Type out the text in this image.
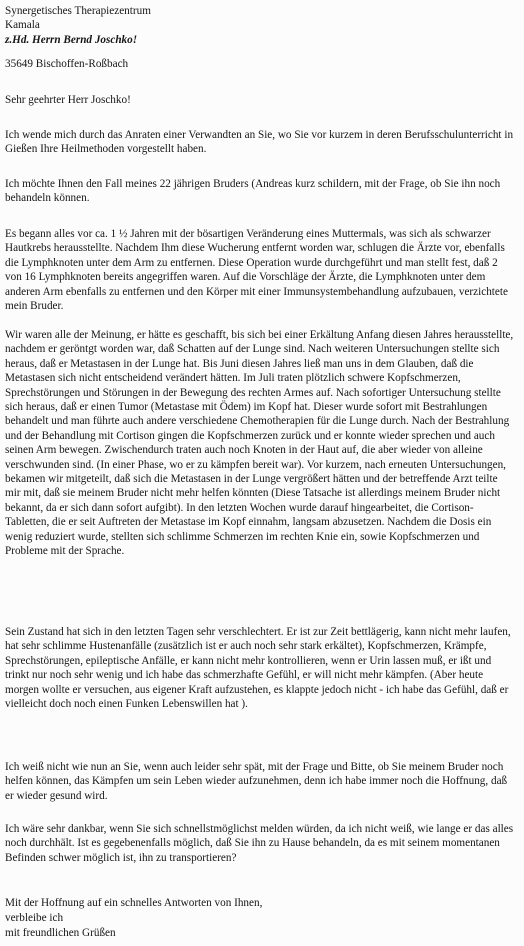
Synergetisches Therapiezentrum
Kamala
z.Hd. Herrn Bernd Joschko!
35649 Bischoffen-Roßbach
Sehr geehrter Herr Joschko!

Ich wende mich durch das Anraten einer Verwandten an Sie, wo Sie vor kurzem in deren Berufsschulunterricht in Gießen Ihre Heilmethoden vorgestellt haben.

Ich möchte Ihnen den Fall meines 22 jährigen Bruders (Andreas kurz schildern, mit der Frage, ob Sie ihn noch behandeln können.

Es begann alles vor ca. 1 ½ Jahren mit der bösartigen Veränderung eines Muttermals, was sich als schwarzer Hautkrebs herausstellte. Nachdem Ihm diese Wucherung entfernt worden war, schlugen die Ärzte vor, ebenfalls die Lymphknoten unter dem Arm zu entfernen. Diese Operation wurde durchgeführt und man stellt fest, daß 2 von 16 Lymphknoten bereits angegriffen waren. Auf die Vorschläge der Ärzte, die Lymphknoten unter dem anderen Arm ebenfalls zu entfernen und den Körper mit einer Immunsystembehandlung aufzubauen, verzichtete mein Bruder.

Wir waren alle der Meinung, er hätte es geschafft, bis sich bei einer Erkältung Anfang diesen Jahres herausstellte, nachdem er geröntgt worden war, daß Schatten auf der Lunge sind. Nach weiteren Untersuchungen stellte sich heraus, daß er Metastasen in der Lunge hat. Bis Juni diesen Jahres ließ man uns in dem Glauben, daß die Metastasen sich nicht entscheidend verändert hätten. Im Juli traten plötzlich schwere Kopfschmerzen, Sprechstörungen und Störungen in der Bewegung des rechten Armes auf. Nach sofortiger Untersuchung stellte sich heraus, daß er einen Tumor (Metastase mit Ödem) im Kopf hat. Dieser wurde sofort mit Bestrahlungen behandelt und man führte auch andere verschiedene Chemotherapien für die Lunge durch. Nach der Bestrahlung und der Behandlung mit Cortison gingen die Kopfschmerzen zurück und er konnte wieder sprechen und auch seinen Arm bewegen. Zwischendurch traten auch noch Knoten in der Haut auf, die aber wieder von alleine verschwunden sind. (In einer Phase, wo er zu kämpfen bereit war). Vor kurzem, nach erneuten Untersuchungen, bekamen wir mitgeteilt, daß sich die Metastasen in der Lunge vergrößert hätten und der betreffende Arzt teilte mir mit, daß sie meinem Bruder nicht mehr helfen könnten (Diese Tatsache ist allerdings meinem Bruder nicht bekannt, da er sich dann sofort aufgibt). In den letzten Wochen wurde darauf hingearbeitet, die Cortison-Tabletten, die er seit Auftreten der Metastase im Kopf einnahm, langsam abzusetzen. Nachdem die Dosis ein wenig reduziert wurde, stellten sich schlimme Schmerzen im rechten Knie ein, sowie Kopfschmerzen und Probleme mit der Sprache.

Sein Zustand hat sich in den letzten Tagen sehr verschlechtert. Er ist zur Zeit bettlägerig, kann nicht mehr laufen, hat sehr schlimme Hustenanfälle (zusätzlich ist er auch noch sehr stark erkältet), Kopfschmerzen, Krämpfe, Sprechstörungen, epileptische Anfälle, er kann nicht mehr kontrollieren, wenn er Urin lassen muß, er ißt und trinkt nur noch sehr wenig und ich habe das schmerzhafte Gefühl, er will nicht mehr kämpfen. (Aber heute morgen wollte er versuchen, aus eigener Kraft aufzustehen, es klappte jedoch nicht - ich habe das Gefühl, daß er vielleicht doch noch einen Funken Lebenswillen hat ).

Ich weiß nicht wie nun an Sie, wenn auch leider sehr spät, mit der Frage und Bitte, ob Sie meinem Bruder noch helfen können, das Kämpfen um sein Leben wieder aufzunehmen, denn ich habe immer noch die Hoffnung, daß er wieder gesund wird.

Ich wäre sehr dankbar, wenn Sie sich schnellstmöglichst melden würden, da ich nicht weiß, wie lange er das alles noch durchhält. Ist es gegebenenfalls möglich, daß Sie ihn zu Hause behandeln, da es mit seinem momentanen Befinden schwer möglich ist, ihn zu transportieren?

Mit der Hoffnung auf ein schnelles Antworten von Ihnen,
verbleibe ich
mit freundlichen Grüßen
